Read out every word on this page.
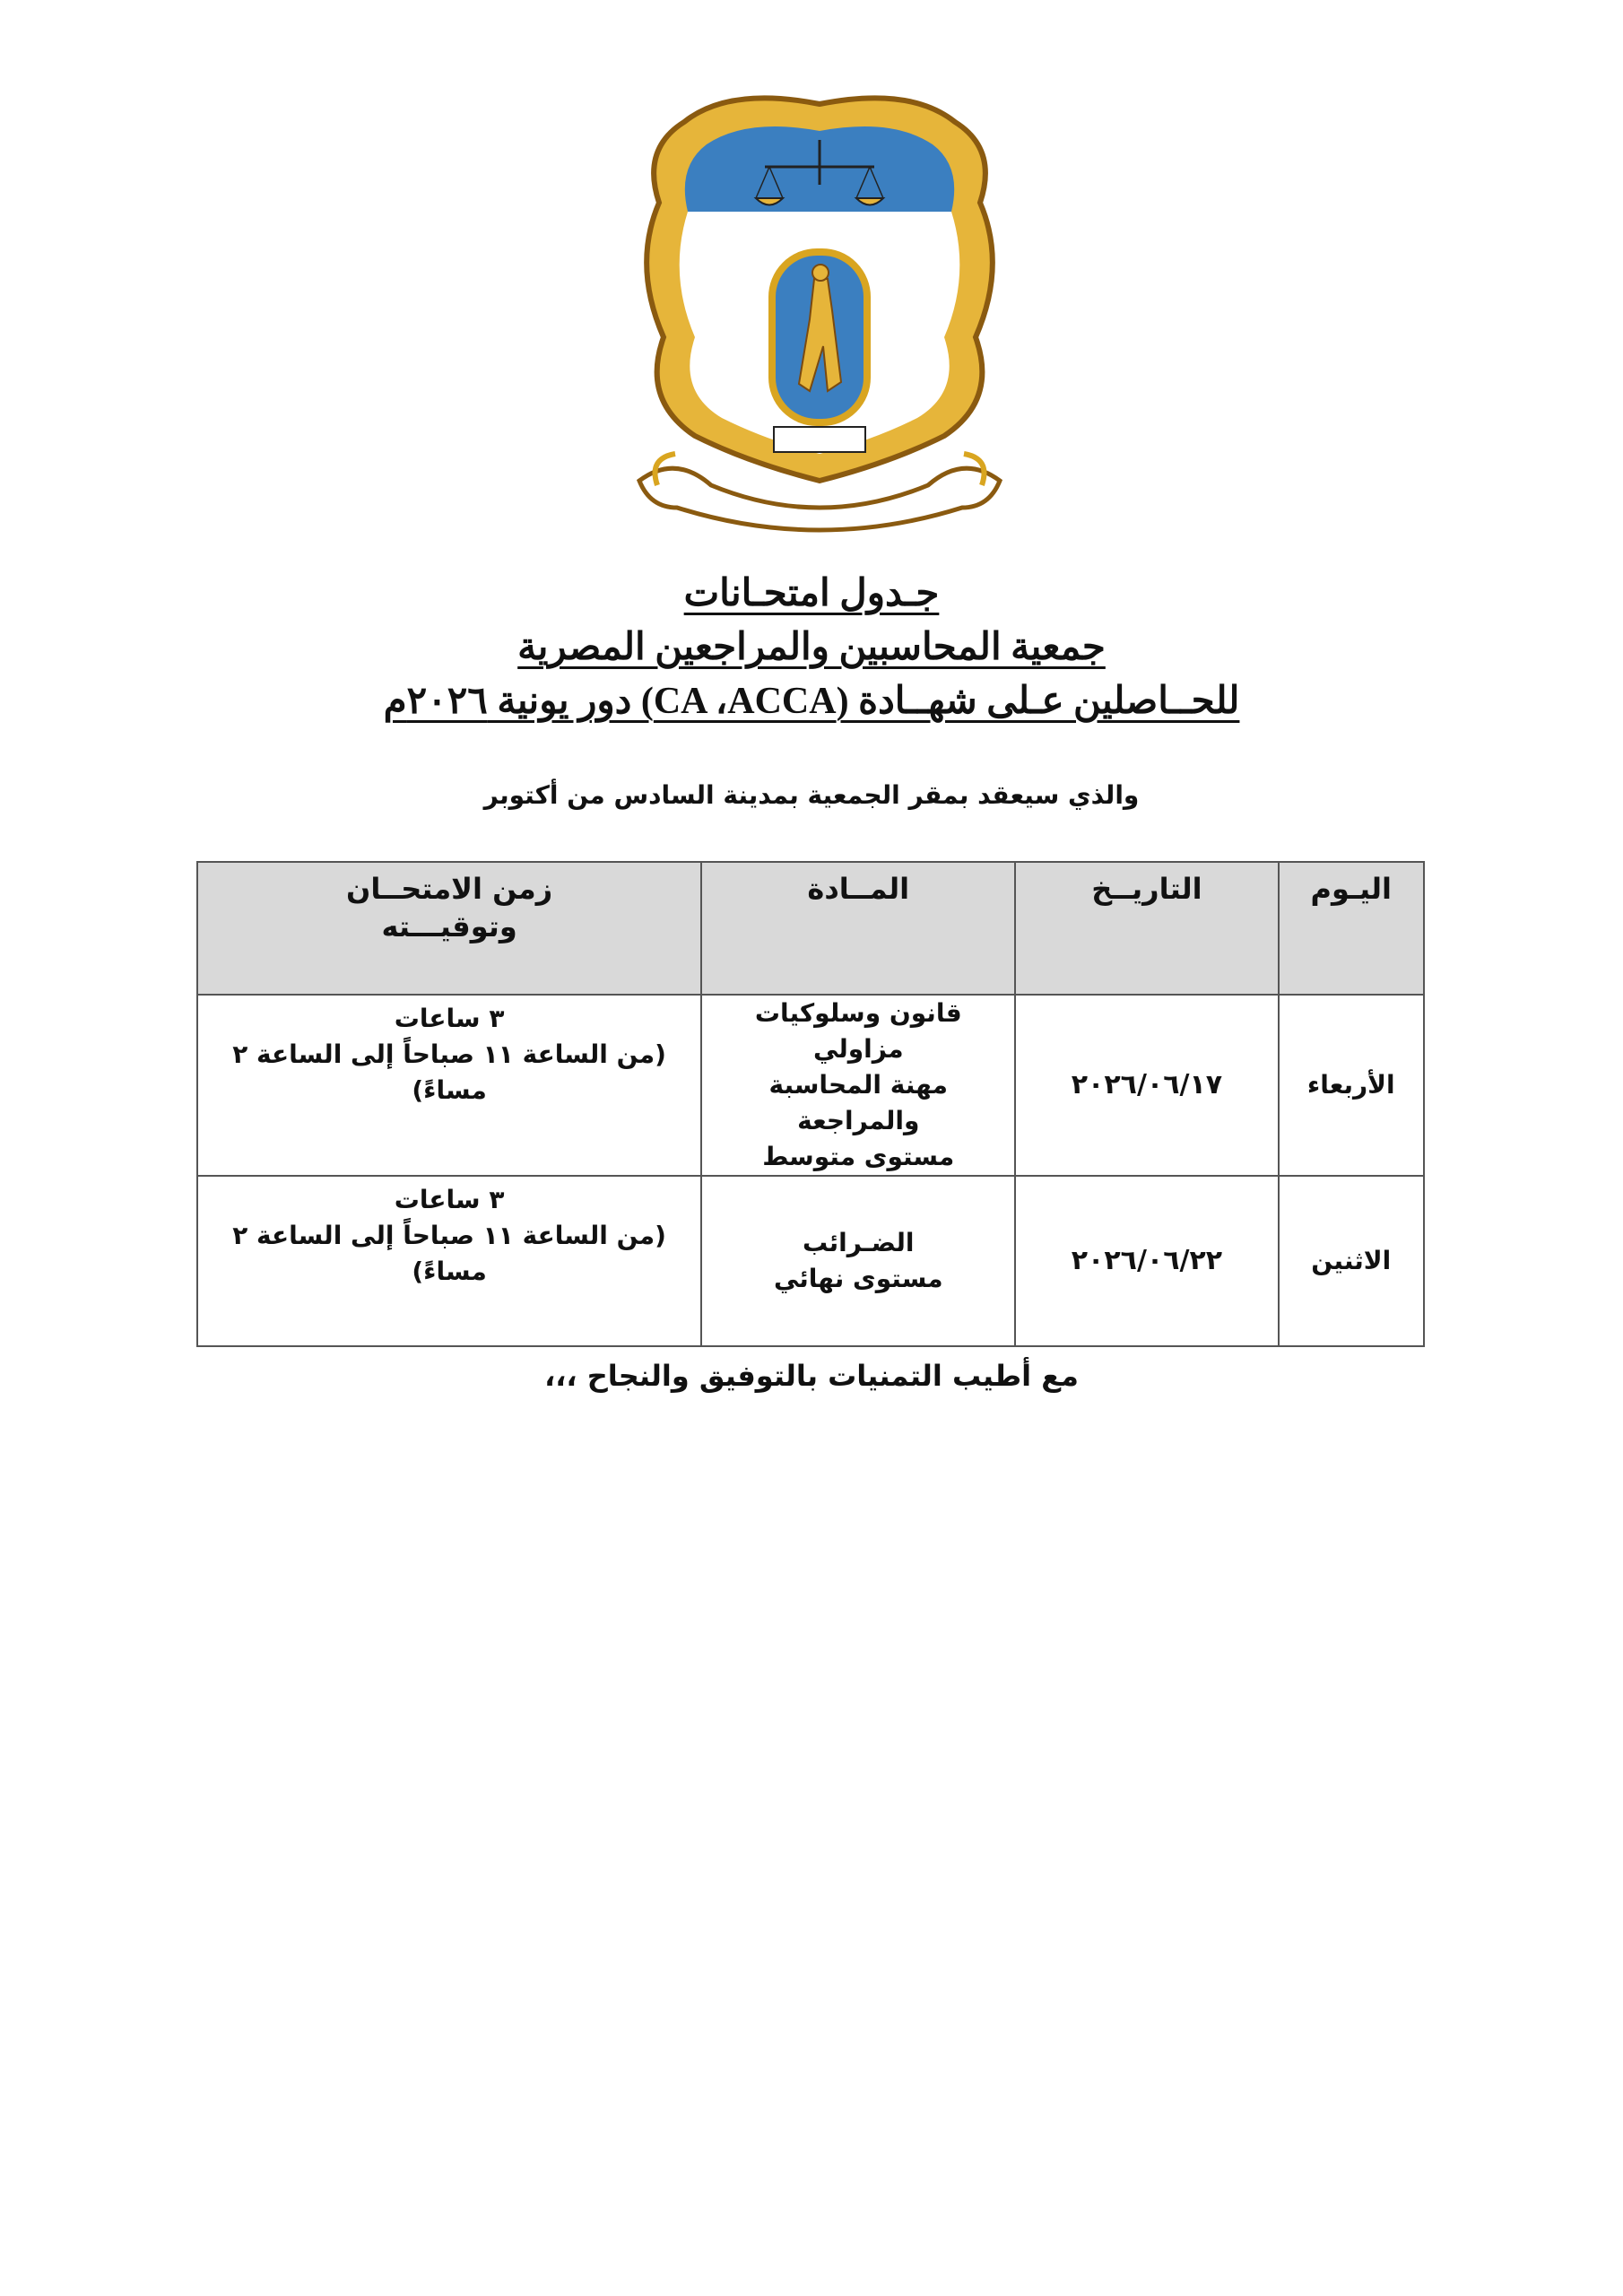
جـدول امتحـانات
جمعية المحاسبين والمراجعين المصرية
للحــاصلين عـلى شهــادة (CA ،ACCA) دور يونية ٢٠٢٦م
والذي سيعقد بمقر الجمعية بمدينة السادس من أكتوبر
اليـوم	التاريــخ	المــادة	زمن الامتحــان
وتوقيـــته

الأربعاء	٢٠٢٦/٠٦/١٧	قانون وسلوكيات مزاولي
مهنة المحاسبة والمراجعة
مستوى متوسط	٣ ساعات
(من الساعة ١١ صباحاً إلى الساعة ٢ مساءً)

الاثنين	٢٠٢٦/٠٦/٢٢	الضـرائب
مستوى نهائي	٣ ساعات
(من الساعة ١١ صباحاً إلى الساعة ٢ مساءً)
مع أطيب التمنيات بالتوفيق والنجاح ،،،
